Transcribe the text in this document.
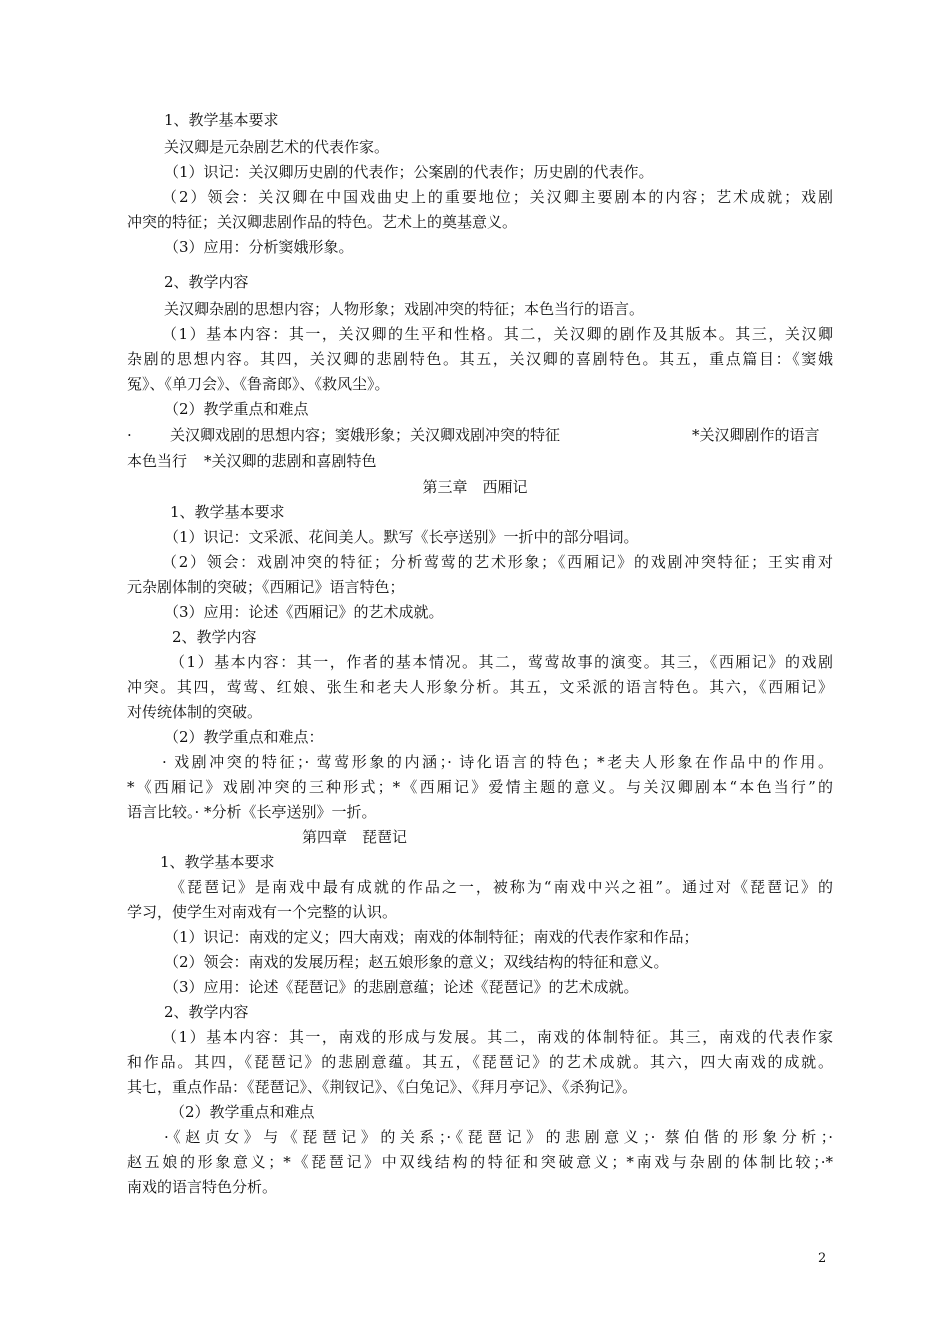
1、教学基本要求
关汉卿是元杂剧艺术的代表作家。
（1）识记：关汉卿历史剧的代表作；公案剧的代表作；历史剧的代表作。
（2）领会：关汉卿在中国戏曲史上的重要地位；关汉卿主要剧本的内容；艺术成就；戏剧
冲突的特征；关汉卿悲剧作品的特色。艺术上的奠基意义。
（3）应用：分析窦娥形象。
2、教学内容
关汉卿杂剧的思想内容；人物形象；戏剧冲突的特征；本色当行的语言。
（1）基本内容：其一，关汉卿的生平和性格。其二，关汉卿的剧作及其版本。其三，关汉卿
杂剧的思想内容。其四，关汉卿的悲剧特色。其五，关汉卿的喜剧特色。其五，重点篇目：《窦娥
冤》、《单刀会》、《鲁斋郎》、《救风尘》。
（2）教学重点和难点
·	关汉卿戏剧的思想内容；窦娥形象；关汉卿戏剧冲突的特征	*关汉卿剧作的语言
本色当行 *关汉卿的悲剧和喜剧特色
第三章　西厢记
1、教学基本要求
（1）识记：文采派、花间美人。默写《长亭送别》一折中的部分唱词。
（2）领会：戏剧冲突的特征；分析莺莺的艺术形象；《西厢记》的戏剧冲突特征；王实甫对
元杂剧体制的突破；《西厢记》语言特色；
（3）应用：论述《西厢记》的艺术成就。
2、教学内容
（1）基本内容：其一，作者的基本情况。其二，莺莺故事的演变。其三，《西厢记》的戏剧
冲突。其四，莺莺、红娘、张生和老夫人形象分析。其五，文采派的语言特色。其六，《西厢记》
对传统体制的突破。
（2）教学重点和难点：
· 戏剧冲突的特征；· 莺莺形象的内涵；· 诗化语言的特色；*老夫人形象在作品中的作用。
*《西厢记》戏剧冲突的三种形式；*《西厢记》爱情主题的意义。与关汉卿剧本“本色当行”的
语言比较。· *分析《长亭送别》一折。
第四章　琵琶记
1、教学基本要求
《琵琶记》是南戏中最有成就的作品之一，被称为“南戏中兴之祖”。通过对《琵琶记》的
学习，使学生对南戏有一个完整的认识。
（1）识记：南戏的定义；四大南戏；南戏的体制特征；南戏的代表作家和作品；
（2）领会：南戏的发展历程；赵五娘形象的意义；双线结构的特征和意义。
（3）应用：论述《琵琶记》的悲剧意蕴；论述《琵琶记》的艺术成就。
2、教学内容
（1）基本内容：其一，南戏的形成与发展。其二，南戏的体制特征。其三，南戏的代表作家
和作品。其四，《琵琶记》的悲剧意蕴。其五，《琵琶记》的艺术成就。其六，四大南戏的成就。
其七，重点作品：《琵琶记》、《荆钗记》、《白兔记》、《拜月亭记》、《杀狗记》。
（2）教学重点和难点
·《赵贞女》与《琵琶记》的关系；·《琵琶记》的悲剧意义；· 蔡伯偕的形象分析；·
赵五娘的形象意义；*《琵琶记》中双线结构的特征和突破意义；*南戏与杂剧的体制比较；·*
南戏的语言特色分析。
2
